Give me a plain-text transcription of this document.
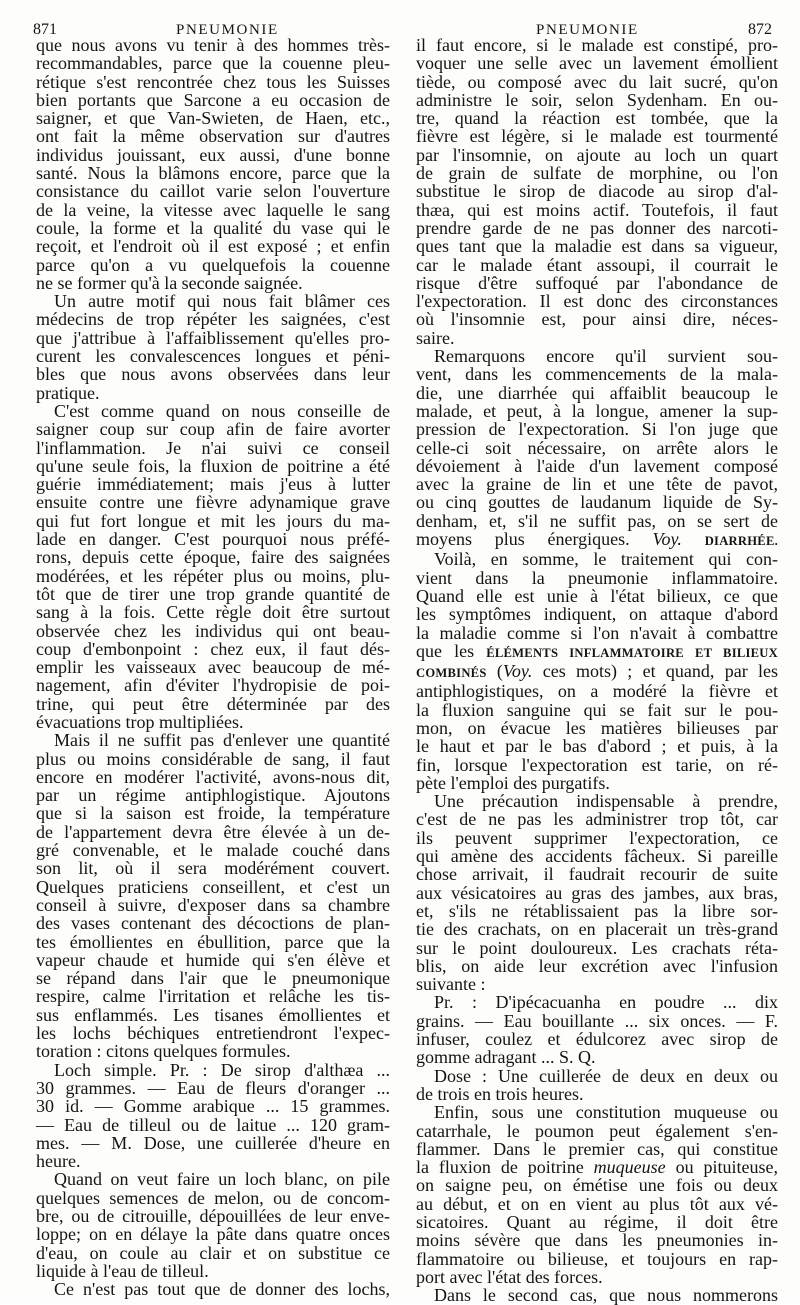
871	PNEUMONIE	PNEUMONIE	872
que nous avons vu tenir à des hommes très-
recommandables, parce que la couenne pleu-
rétique s'est rencontrée chez tous les Suisses
bien portants que Sarcone a eu occasion de
saigner, et que Van-Swieten, de Haen, etc.,
ont fait la même observation sur d'autres
individus jouissant, eux aussi, d'une bonne
santé. Nous la blâmons encore, parce que la
consistance du caillot varie selon l'ouverture
de la veine, la vitesse avec laquelle le sang
coule, la forme et la qualité du vase qui le
reçoit, et l'endroit où il est exposé ; et enfin
parce qu'on a vu quelquefois la couenne
ne se former qu'à la seconde saignée.
Un autre motif qui nous fait blâmer ces
médecins de trop répéter les saignées, c'est
que j'attribue à l'affaiblissement qu'elles pro-
curent les convalescences longues et péni-
bles que nous avons observées dans leur
pratique.
C'est comme quand on nous conseille de
saigner coup sur coup afin de faire avorter
l'inflammation. Je n'ai suivi ce conseil
qu'une seule fois, la fluxion de poitrine a été
guérie immédiatement; mais j'eus à lutter
ensuite contre une fièvre adynamique grave
qui fut fort longue et mit les jours du ma-
lade en danger. C'est pourquoi nous préfé-
rons, depuis cette époque, faire des saignées
modérées, et les répéter plus ou moins, plu-
tôt que de tirer une trop grande quantité de
sang à la fois. Cette règle doit être surtout
observée chez les individus qui ont beau-
coup d'embonpoint : chez eux, il faut dés-
emplir les vaisseaux avec beaucoup de mé-
nagement, afin d'éviter l'hydropisie de poi-
trine, qui peut être déterminée par des
évacuations trop multipliées.
Mais il ne suffit pas d'enlever une quantité
plus ou moins considérable de sang, il faut
encore en modérer l'activité, avons-nous dit,
par un régime antiphlogistique. Ajoutons
que si la saison est froide, la température
de l'appartement devra être élevée à un de-
gré convenable, et le malade couché dans
son lit, où il sera modérément couvert.
Quelques praticiens conseillent, et c'est un
conseil à suivre, d'exposer dans sa chambre
des vases contenant des décoctions de plan-
tes émollientes en ébullition, parce que la
vapeur chaude et humide qui s'en élève et
se répand dans l'air que le pneumonique
respire, calme l'irritation et relâche les tis-
sus enflammés. Les tisanes émollientes et
les lochs béchiques entretiendront l'expec-
toration : citons quelques formules.
Loch simple. Pr. : De sirop d'althæa ...
30 grammes. — Eau de fleurs d'oranger ...
30 id. — Gomme arabique ... 15 grammes.
— Eau de tilleul ou de laitue ... 120 gram-
mes. — M. Dose, une cuillerée d'heure en
heure.
Quand on veut faire un loch blanc, on pile
quelques semences de melon, ou de concom-
bre, ou de citrouille, dépouillées de leur enve-
loppe; on en délaye la pâte dans quatre onces
d'eau, on coule au clair et on substitue ce
liquide à l'eau de tilleul.
Ce n'est pas tout que de donner des lochs,
il faut encore, si le malade est constipé, pro-
voquer une selle avec un lavement émollient
tiède, ou composé avec du lait sucré, qu'on
administre le soir, selon Sydenham. En ou-
tre, quand la réaction est tombée, que la
fièvre est légère, si le malade est tourmenté
par l'insomnie, on ajoute au loch un quart
de grain de sulfate de morphine, ou l'on
substitue le sirop de diacode au sirop d'al-
thæa, qui est moins actif. Toutefois, il faut
prendre garde de ne pas donner des narcoti-
ques tant que la maladie est dans sa vigueur,
car le malade étant assoupi, il courrait le
risque d'être suffoqué par l'abondance de
l'expectoration. Il est donc des circonstances
où l'insomnie est, pour ainsi dire, néces-
saire.
Remarquons encore qu'il survient sou-
vent, dans les commencements de la mala-
die, une diarrhée qui affaiblit beaucoup le
malade, et peut, à la longue, amener la sup-
pression de l'expectoration. Si l'on juge que
celle-ci soit nécessaire, on arrête alors le
dévoiement à l'aide d'un lavement composé
avec la graine de lin et une tête de pavot,
ou cinq gouttes de laudanum liquide de Sy-
denham, et, s'il ne suffit pas, on se sert de
moyens plus énergiques. Voy. DIARRHÉE.
Voilà, en somme, le traitement qui con-
vient dans la pneumonie inflammatoire.
Quand elle est unie à l'état bilieux, ce que
les symptômes indiquent, on attaque d'abord
la maladie comme si l'on n'avait à combattre
que les ÉLÉMENTS INFLAMMATOIRE ET BILIEUX
COMBINÉS (Voy. ces mots) ; et quand, par les
antiphlogistiques, on a modéré la fièvre et
la fluxion sanguine qui se fait sur le pou-
mon, on évacue les matières bilieuses par
le haut et par le bas d'abord ; et puis, à la
fin, lorsque l'expectoration est tarie, on ré-
pète l'emploi des purgatifs.
Une précaution indispensable à prendre,
c'est de ne pas les administrer trop tôt, car
ils peuvent supprimer l'expectoration, ce
qui amène des accidents fâcheux. Si pareille
chose arrivait, il faudrait recourir de suite
aux vésicatoires au gras des jambes, aux bras,
et, s'ils ne rétablissaient pas la libre sor-
tie des crachats, on en placerait un très-grand
sur le point douloureux. Les crachats réta-
blis, on aide leur excrétion avec l'infusion
suivante :
Pr. : D'ipécacuanha en poudre ... dix
grains. — Eau bouillante ... six onces. — F.
infuser, coulez et édulcorez avec sirop de
gomme adragant ... S. Q.
Dose : Une cuillerée de deux en deux ou
de trois en trois heures.
Enfin, sous une constitution muqueuse ou
catarrhale, le poumon peut également s'en-
flammer. Dans le premier cas, qui constitue
la fluxion de poitrine muqueuse ou pituiteuse,
on saigne peu, on émétise une fois ou deux
au début, et on en vient au plus tôt aux vé-
sicatoires. Quant au régime, il doit être
moins sévère que dans les pneumonies in-
flammatoire ou bilieuse, et toujours en rap-
port avec l'état des forces.
Dans le second cas, que nous nommerons
